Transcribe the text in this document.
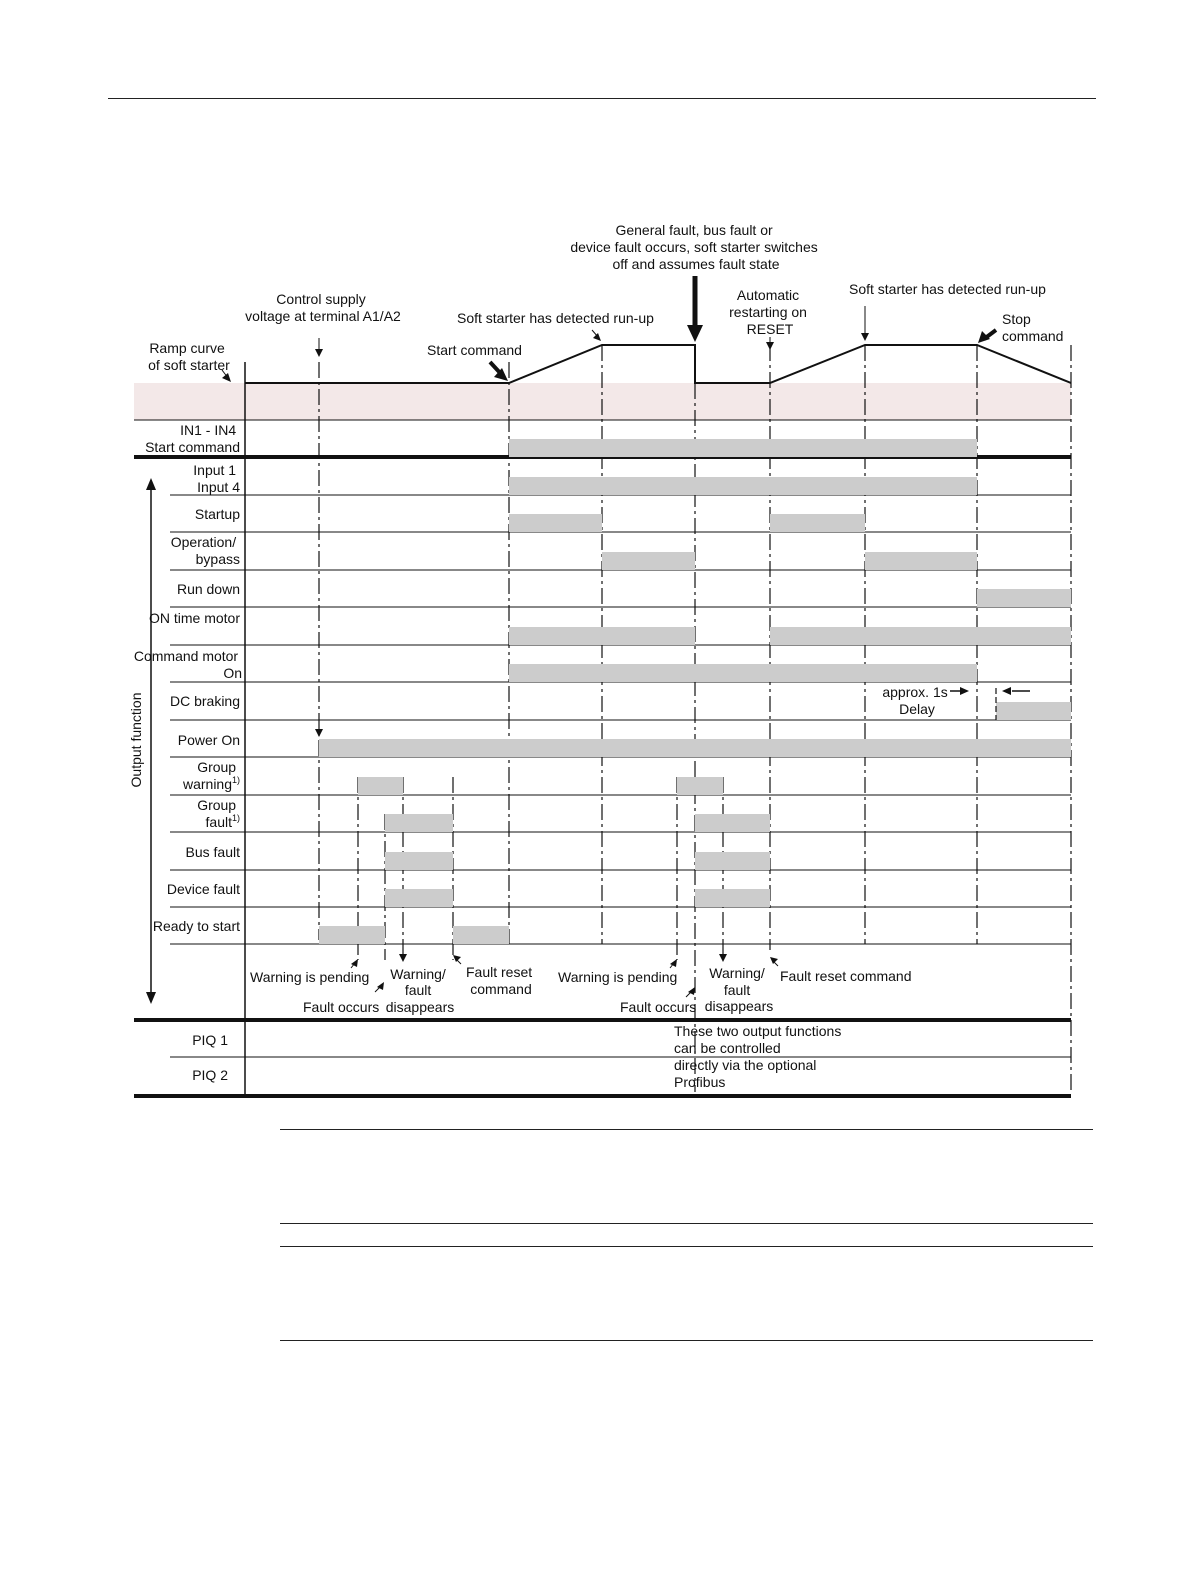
Output function
Ramp curve of soft starter
Control supply voltage at terminal A1/A2
Start command
Soft starter has detected run-up
General fault, bus fault or device fault occurs, soft starter switches off and assumes fault state
Automatic restarting on RESET
Soft starter has detected run-up
Stop command
IN1 - IN4 Start command
Input 1 Input 4
Startup
Operation/ bypass
Run down
ON time motor
Command motor On
DC braking
Power On
Group warning 1)
Group fault 1)
Bus fault
Device fault
Ready to start
PIQ 1
PIQ 2
approx. 1s Delay
Warning is pending
Fault occurs
Warning/ fault disappears
Fault reset command
Warning is pending
Fault occurs
Warning/ fault disappears
Fault reset command
These two output functions can be controlled directly via the optional Profibus
